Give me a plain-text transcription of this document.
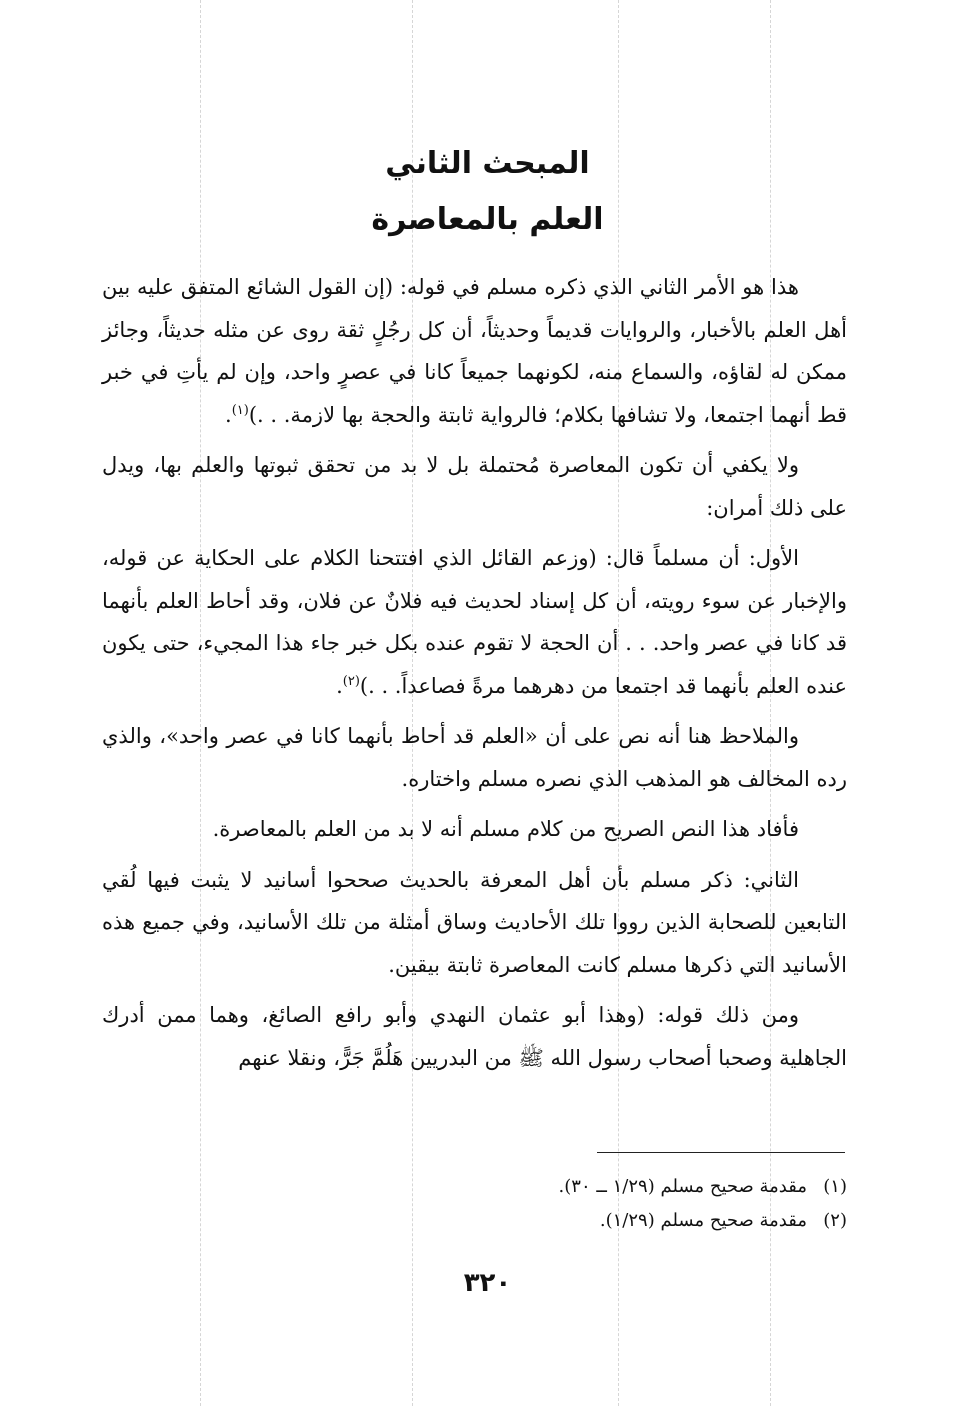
المبحث الثاني
العلم بالمعاصرة

هذا هو الأمر الثاني الذي ذكره مسلم في قوله: (إن القول الشائع المتفق عليه بين أهل العلم بالأخبار، والروايات قديماً وحديثاً، أن كل رجُلٍ ثقة روى عن مثله حديثاً، وجائز ممكن له لقاؤه، والسماع منه، لكونهما جميعاً كانا في عصرٍ واحد، وإن لم يأتِ في خبر قط أنهما اجتمعا، ولا تشافها بكلام؛ فالرواية ثابتة والحجة بها لازمة. . .)$^{(١)}$.

ولا يكفي أن تكون المعاصرة مُحتملة بل لا بد من تحقق ثبوتها والعلم بها، ويدل على ذلك أمران:

الأول: أن مسلماً قال: (وزعم القائل الذي افتتحنا الكلام على الحكاية عن قوله، والإخبار عن سوء رويته، أن كل إسناد لحديث فيه فلانٌ عن فلان، وقد أحاط العلم بأنهما قد كانا في عصر واحد. . . أن الحجة لا تقوم عنده بكل خبر جاء هذا المجيء، حتى يكون عنده العلم بأنهما قد اجتمعا من دهرهما مرةً فصاعداً. . .)$^{(٢)}$.

والملاحظ هنا أنه نص على أن «العلم قد أحاط بأنهما كانا في عصر واحد»، والذي رده المخالف هو المذهب الذي نصره مسلم واختاره.

فأفاد هذا النص الصريح من كلام مسلم أنه لا بد من العلم بالمعاصرة.

الثاني: ذكر مسلم بأن أهل المعرفة بالحديث صححوا أسانيد لا يثبت فيها لُقي التابعين للصحابة الذين رووا تلك الأحاديث وساق أمثلة من تلك الأسانيد، وفي جميع هذه الأسانيد التي ذكرها مسلم كانت المعاصرة ثابتة بيقين.

ومن ذلك قوله: (وهذا أبو عثمان النهدي وأبو رافع الصائغ، وهما ممن أدرك الجاهلية وصحبا أصحاب رسول الله ﷺ من البدريين هَلُمَّ جَرًّ، ونقلا عنهم

(١)
مقدمة صحيح مسلم (١/٢٩ ــ ٣٠).
(٢)
مقدمة صحيح مسلم (١/٢٩).
٣٢٠
